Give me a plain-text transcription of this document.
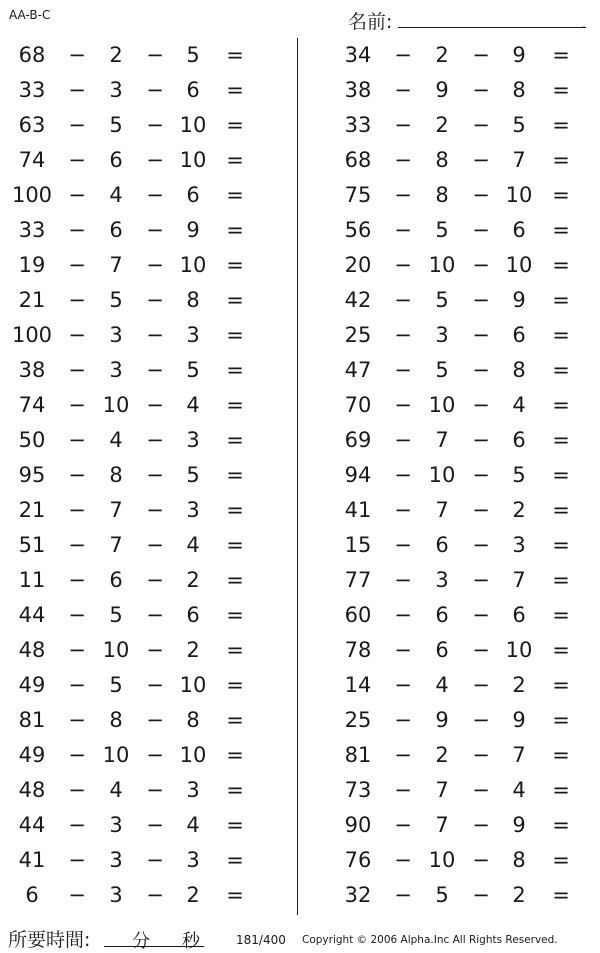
AA-B-C	名前:	.
68	−	2	−	5	=
33	−	3	−	6	=
63	−	5	− 10 =
74	−	6	− 10 =
100 −	4	−	6	=
33	−	6	−	9	=
19	−	7	− 10 =
21	−	5	−	8	=
100 −	3	−	3	=
38	−	3	−	5	=
74	− 10 −	4	=
50	−	4	−	3	=
95	−	8	−	5	=
21	−	7	−	3	=
51	−	7	−	4	=
11	−	6	−	2	=
44	−	5	−	6	=
48	− 10 −	2	=
49	−	5	− 10 =
81	−	8	−	8	=
49	− 10 − 10 =
48	−	4	−	3	=
44	−	3	−	4	=
41	−	3	−	3	=
6	−	3	−	2	=
34	−	2	−	9	=
38	−	9	−	8	=
33	−	2	−	5	=
68	−	8	−	7	=
75	−	8	− 10 =
56	−	5	−	6	=
20	− 10 − 10 =
42	−	5	−	9	=
25	−	3	−	6	=
47	−	5	−	8	=
70	− 10 −	4	=
69	−	7	−	6	=
94	− 10 −	5	=
41	−	7	−	2	=
15	−	6	−	3	=
77	−	3	−	7	=
60	−	6	−	6	=
78	−	6	− 10 =
14	−	4	−	2	=
25	−	9	−	9	=
81	−	2	−	7	=
73	−	7	−	4	=
90	−	7	−	9	=
76	− 10 −	8	=
32	−	5	−	2	=
所要時間: 分 秒	181/400 Copyright © 2006 Alpha.Inc All Rights Reserved.
